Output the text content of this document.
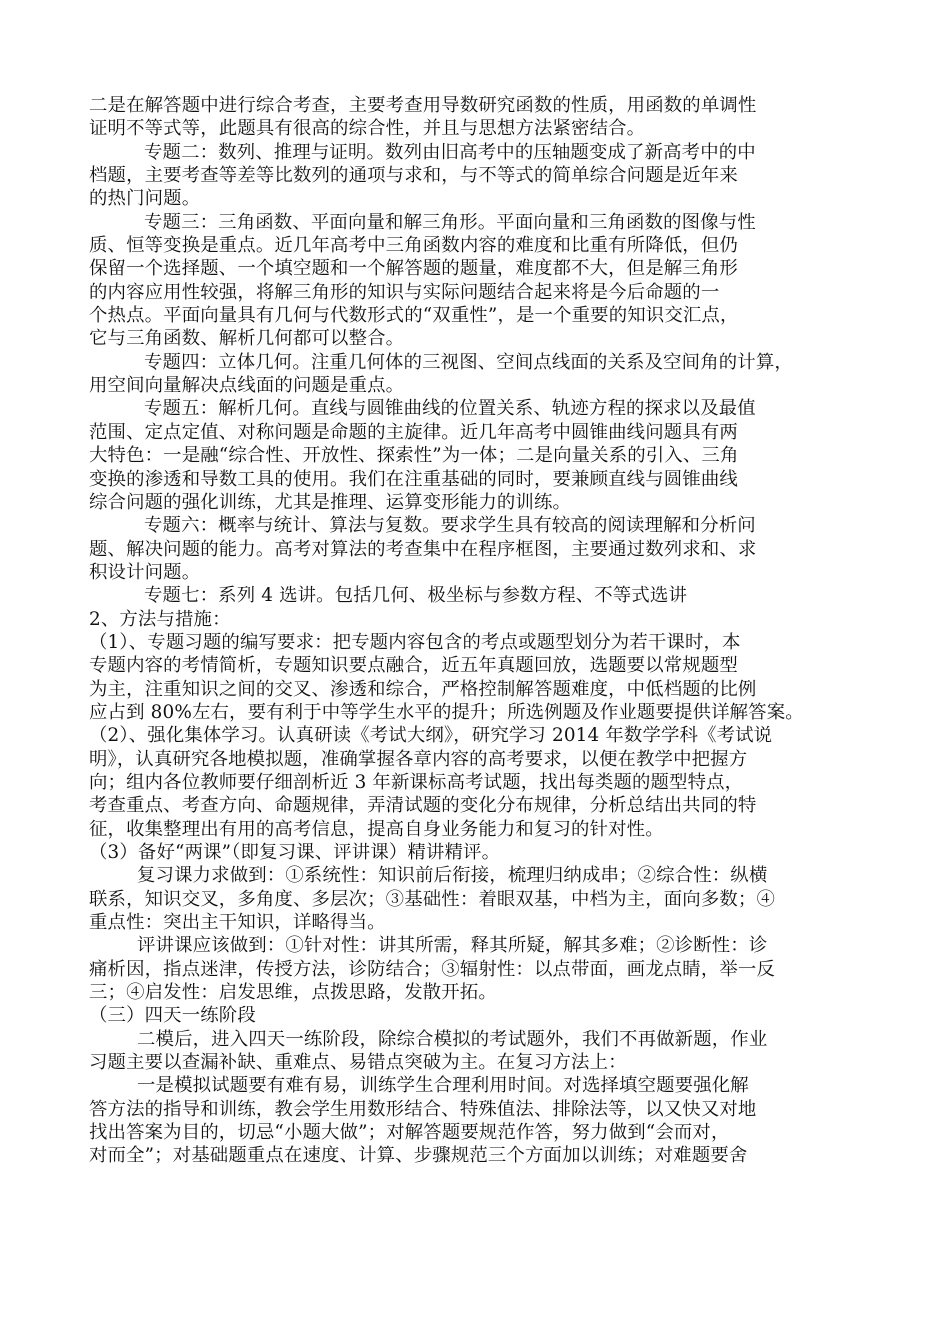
二是在解答题中进行综合考查，主要考查用导数研究函数的性质，用函数的单调性
证明不等式等，此题具有很高的综合性，并且与思想方法紧密结合。
专题二：数列、推理与证明。数列由旧高考中的压轴题变成了新高考中的中
档题，主要考查等差等比数列的通项与求和，与不等式的简单综合问题是近年来
的热门问题。
专题三：三角函数、平面向量和解三角形。平面向量和三角函数的图像与性
质、恒等变换是重点。近几年高考中三角函数内容的难度和比重有所降低，但仍
保留一个选择题、一个填空题和一个解答题的题量，难度都不大，但是解三角形
的内容应用性较强，将解三角形的知识与实际问题结合起来将是今后命题的一
个热点。平面向量具有几何与代数形式的“双重性”，是一个重要的知识交汇点，
它与三角函数、解析几何都可以整合。
专题四：立体几何。注重几何体的三视图、空间点线面的关系及空间角的计算，
用空间向量解决点线面的问题是重点。
专题五：解析几何。直线与圆锥曲线的位置关系、轨迹方程的探求以及最值
范围、定点定值、对称问题是命题的主旋律。近几年高考中圆锥曲线问题具有两
大特色：一是融“综合性、开放性、探索性”为一体；二是向量关系的引入、三角
变换的渗透和导数工具的使用。我们在注重基础的同时，要兼顾直线与圆锥曲线
综合问题的强化训练，尤其是推理、运算变形能力的训练。
专题六：概率与统计、算法与复数。要求学生具有较高的阅读理解和分析问
题、解决问题的能力。高考对算法的考查集中在程序框图，主要通过数列求和、求
积设计问题。
专题七：系列 4 选讲。包括几何、极坐标与参数方程、不等式选讲
2、方法与措施：
（1）、专题习题的编写要求：把专题内容包含的考点或题型划分为若干课时，本
专题内容的考情简析，专题知识要点融合，近五年真题回放，选题要以常规题型
为主，注重知识之间的交叉、渗透和综合，严格控制解答题难度，中低档题的比例
应占到 80%左右，要有利于中等学生水平的提升；所选例题及作业题要提供详解答案。
（2）、强化集体学习。认真研读《考试大纲》，研究学习 2014 年数学学科《考试说
明》，认真研究各地模拟题，准确掌握各章内容的高考要求，以便在教学中把握方
向；组内各位教师要仔细剖析近 3 年新课标高考试题，找出每类题的题型特点，
考查重点、考查方向、命题规律，弄清试题的变化分布规律，分析总结出共同的特
征，收集整理出有用的高考信息，提高自身业务能力和复习的针对性。
（3）备好“两课”（即复习课、评讲课）精讲精评。
复习课力求做到：①系统性：知识前后衔接，梳理归纳成串；②综合性：纵横
联系，知识交叉，多角度、多层次；③基础性：着眼双基，中档为主，面向多数；④
重点性：突出主干知识，详略得当。
评讲课应该做到：①针对性：讲其所需，释其所疑，解其多难；②诊断性：诊
痛析因，指点迷津，传授方法，诊防结合；③辐射性：以点带面，画龙点睛，举一反
三；④启发性：启发思维，点拨思路，发散开拓。
（三）四天一练阶段
二模后，进入四天一练阶段，除综合模拟的考试题外，我们不再做新题，作业
习题主要以查漏补缺、重难点、易错点突破为主。在复习方法上：
一是模拟试题要有难有易，训练学生合理利用时间。对选择填空题要强化解
答方法的指导和训练，教会学生用数形结合、特殊值法、排除法等，以又快又对地
找出答案为目的，切忌“小题大做”；对解答题要规范作答，努力做到“会而对，
对而全”；对基础题重点在速度、计算、步骤规范三个方面加以训练；对难题要舍
